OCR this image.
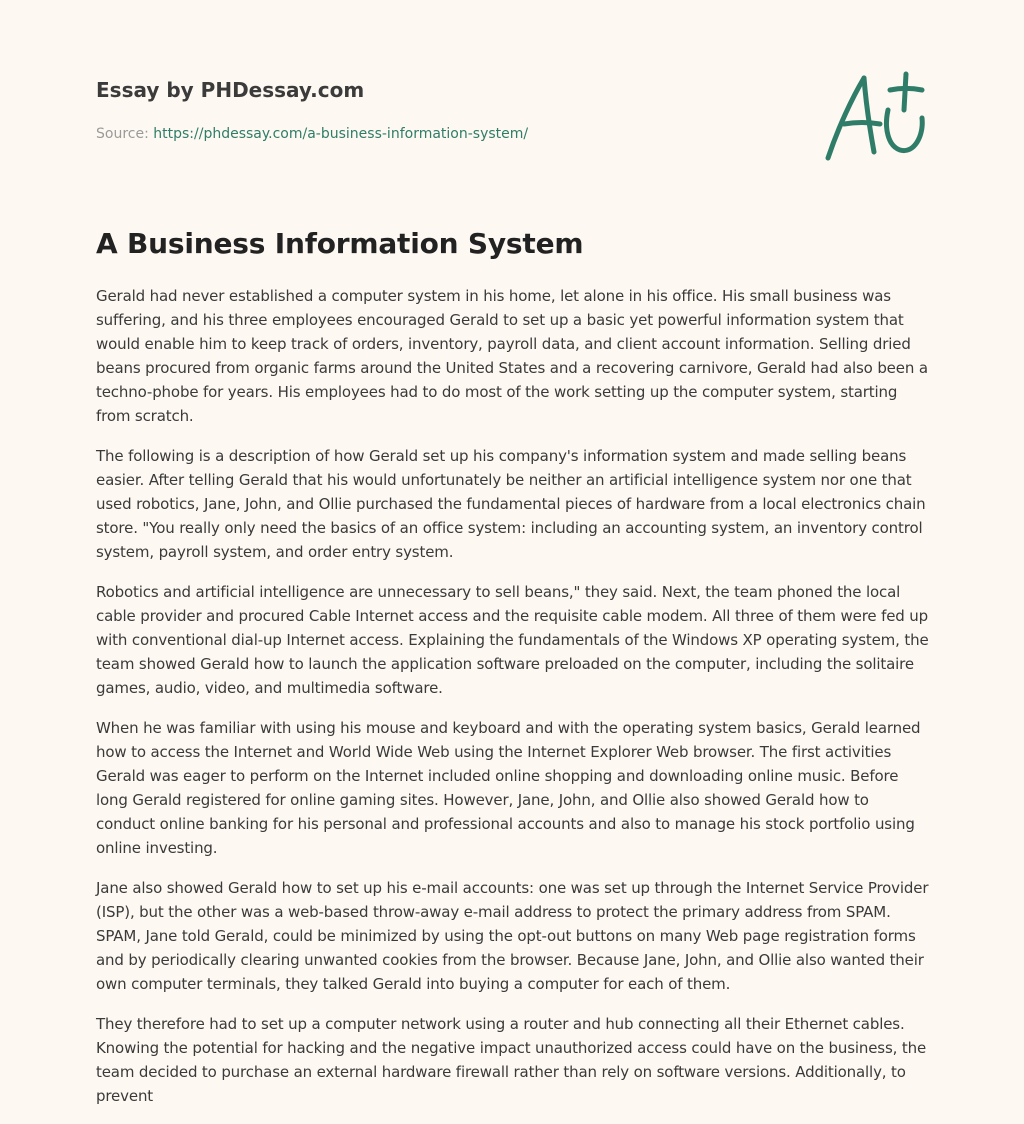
Essay by PHDessay.com
Source: https://phdessay.com/a-business-information-system/
A Business Information System

Gerald had never established a computer system in his home, let alone in his office. His small business was suffering, and his three employees encouraged Gerald to set up a basic yet powerful information system that would enable him to keep track of orders, inventory, payroll data, and client account information. Selling dried beans procured from organic farms around the United States and a recovering carnivore, Gerald had also been a techno-phobe for years. His employees had to do most of the work setting up the computer system, starting from scratch.

The following is a description of how Gerald set up his company's information system and made selling beans easier. After telling Gerald that his would unfortunately be neither an artificial intelligence system nor one that used robotics, Jane, John, and Ollie purchased the fundamental pieces of hardware from a local electronics chain store. "You really only need the basics of an office system: including an accounting system, an inventory control system, payroll system, and order entry system.

Robotics and artificial intelligence are unnecessary to sell beans," they said. Next, the team phoned the local cable provider and procured Cable Internet access and the requisite cable modem. All three of them were fed up with conventional dial-up Internet access. Explaining the fundamentals of the Windows XP operating system, the team showed Gerald how to launch the application software preloaded on the computer, including the solitaire games, audio, video, and multimedia software.

When he was familiar with using his mouse and keyboard and with the operating system basics, Gerald learned how to access the Internet and World Wide Web using the Internet Explorer Web browser. The first activities Gerald was eager to perform on the Internet included online shopping and downloading online music. Before long Gerald registered for online gaming sites. However, Jane, John, and Ollie also showed Gerald how to conduct online banking for his personal and professional accounts and also to manage his stock portfolio using online investing.

Jane also showed Gerald how to set up his e-mail accounts: one was set up through the Internet Service Provider (ISP), but the other was a web-based throw-away e-mail address to protect the primary address from SPAM. SPAM, Jane told Gerald, could be minimized by using the opt-out buttons on many Web page registration forms and by periodically clearing unwanted cookies from the browser. Because Jane, John, and Ollie also wanted their own computer terminals, they talked Gerald into buying a computer for each of them.

They therefore had to set up a computer network using a router and hub connecting all their Ethernet cables. Knowing the potential for hacking and the negative impact unauthorized access could have on the business, the team decided to purchase an external hardware firewall rather than rely on software versions. Additionally, to prevent
